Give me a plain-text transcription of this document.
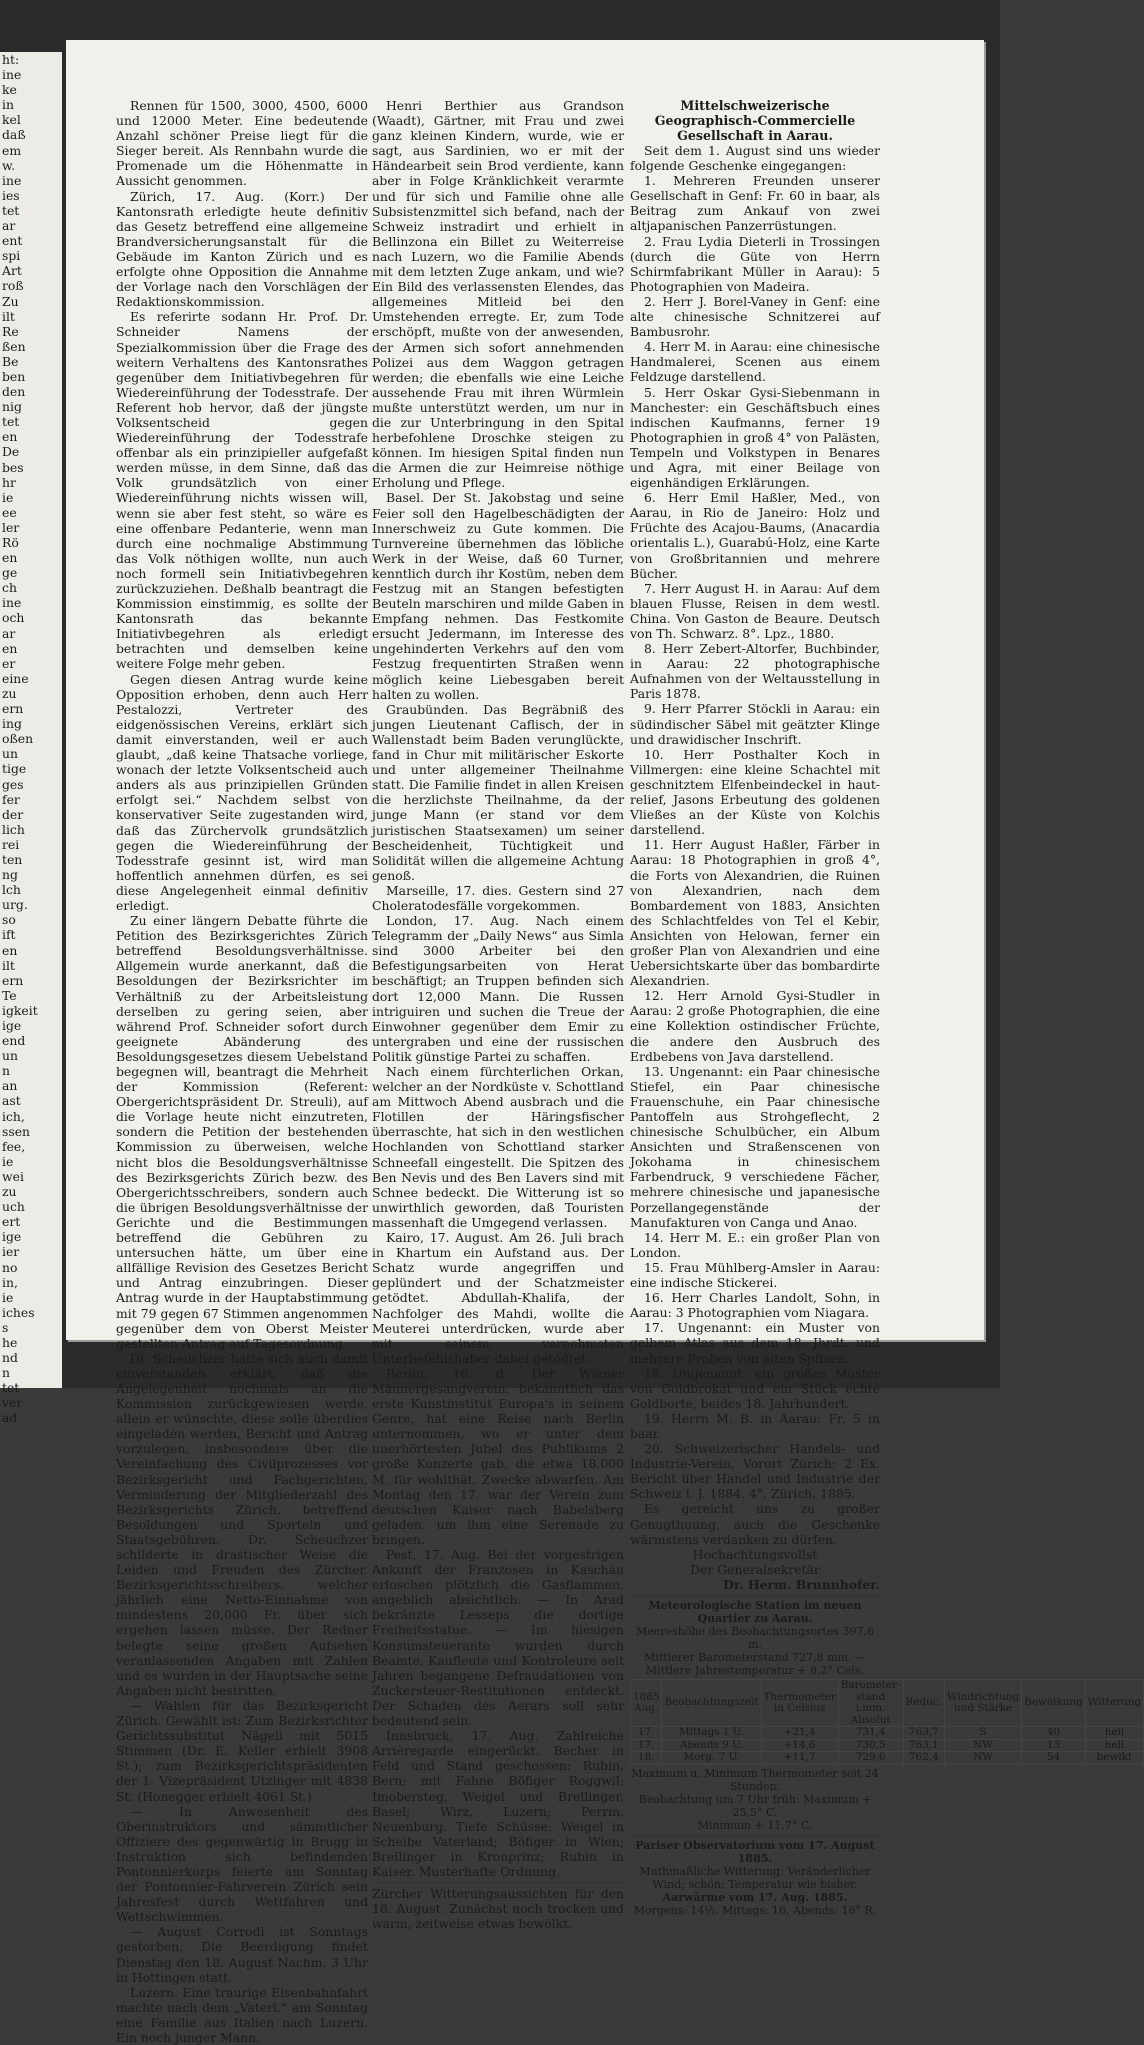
ht:
ine
ke
in
kel
daß
em
w.
ine
ies
tet
ar
ent
spi
Art
roß
Zu
ilt
Re
ßen
Be
ben
den
nig
tet
en
De
bes
hr
ie
ee
ler
Rö
en
ge
ch
ine
och
ar
en
er
eine
zu
ern
ing
oßen
un
tige
ges
fer
der
lich
rei
ten
ng
lch
urg.
so
ift
en
ilt
ern
Te
igkeit
ige
end
un
n
an
ast
ich,
ssen
fee,
ie
wei
zu
uch
ert
ige
ier
no
in,
ie
iches
s
he
nd
n
tet
ver
ad

Rennen für 1500, 3000, 4500, 6000 und 12000 Meter. Eine bedeutende Anzahl schöner Preise liegt für die Sieger bereit. Als Rennbahn wurde die Promenade um die Höhenmatte in Aussicht genommen.

Zürich, 17. Aug. (Korr.) Der Kantonsrath erledigte heute definitiv das Gesetz betreffend eine allgemeine Brandversicherungsanstalt für die Gebäude im Kanton Zürich und es erfolgte ohne Opposition die Annahme der Vorlage nach den Vorschlägen der Redaktionskommission.

Es referirte sodann Hr. Prof. Dr. Schneider Namens der Spezialkommission über die Frage des weitern Verhaltens des Kantonsrathes gegenüber dem Initiativbegehren für Wiedereinführung der Todesstrafe. Der Referent hob hervor, daß der jüngste Volksentscheid gegen Wiedereinführung der Todesstrafe offenbar als ein prinzipieller aufgefaßt werden müsse, in dem Sinne, daß das Volk grundsätzlich von einer Wiedereinführung nichts wissen will, wenn sie aber fest steht, so wäre es eine offenbare Pedanterie, wenn man durch eine nochmalige Abstimmung das Volk nöthigen wollte, nun auch noch formell sein Initiativbegehren zurückzuziehen. Deßhalb beantragt die Kommission einstimmig, es sollte der Kantonsrath das bekannte Initiativbegehren als erledigt betrachten und demselben keine weitere Folge mehr geben.

Gegen diesen Antrag wurde keine Opposition erhoben, denn auch Herr Pestalozzi, Vertreter des eidgenössischen Vereins, erklärt sich damit einverstanden, weil er auch glaubt, „daß keine Thatsache vorliege, wonach der letzte Volksentscheid auch anders als aus prinzipiellen Gründen erfolgt sei.“ Nachdem selbst von konservativer Seite zugestanden wird, daß das Zürchervolk grundsätzlich gegen die Wiedereinführung der Todesstrafe gesinnt ist, wird man hoffentlich annehmen dürfen, es sei diese Angelegenheit einmal definitiv erledigt.

Zu einer längern Debatte führte die Petition des Bezirksgerichtes Zürich betreffend Besoldungsverhältnisse. Allgemein wurde anerkannt, daß die Besoldungen der Bezirksrichter im Verhältniß zu der Arbeitsleistung derselben zu gering seien, aber während Prof. Schneider sofort durch geeignete Abänderung des Besoldungsgesetzes diesem Uebelstand begegnen will, beantragt die Mehrheit der Kommission (Referent: Obergerichtspräsident Dr. Streuli), auf die Vorlage heute nicht einzutreten, sondern die Petition der bestehenden Kommission zu überweisen, welche nicht blos die Besoldungsverhältnisse des Bezirksgerichts Zürich bezw. des Obergerichtsschreibers, sondern auch die übrigen Besoldungsverhältnisse der Gerichte und die Bestimmungen betreffend die Gebühren zu untersuchen hätte, um über eine allfällige Revision des Gesetzes Bericht und Antrag einzubringen. Dieser Antrag wurde in der Hauptabstimmung mit 79 gegen 67 Stimmen angenommen gegenüber dem von Oberst Meister gestellten Antrag auf Tagesordnung.

Dr. Scheuchzer hatte sich auch damit einverstanden erklärt, daß die Angelegenheit nochmals an die Kommission zurückgewiesen werde, allein er wünschte, diese solle überdies eingeladen werden, Bericht und Antrag vorzulegen, insbesondere über die Vereinfachung des Civilprozesses vor Bezirksgericht und Fachgerichten, Verminderung der Mitgliederzahl des Bezirksgerichts Zürich, betreffend Besoldungen und Sporteln und Staatsgebühren. Dr. Scheuchzer schilderte in drastischer Weise die Leiden und Freuden des Zürcher. Bezirksgerichtsschreibers, welcher jährlich eine Netto-Einnahme von mindestens 20,000 Fr. über sich ergehen lassen müsse. Der Redner belegte seine großen Aufsehen veranlassenden Angaben mit Zahlen und es wurden in der Hauptsache seine Angaben nicht bestritten.

— Wahlen für das Bezirksgericht Zürich. Gewählt ist: Zum Bezirksrichter Gerichtssubstitut Nägeli mit 5015 Stimmen (Dr. E. Keller erhielt 3908 St.); zum Bezirksgerichtspräsidenten der 1. Vizepräsident Utzinger mit 4838 St. (Honegger erhielt 4061 St.)

— In Anwesenheit des Oberinstruktors und sämmtlicher Offiziere des gegenwärtig in Brugg in Instruktion sich befindenden Pontonnierkorps feierte am Sonntag der Pontonnier-Fahrverein Zürich sein Jahresfest durch Wettfahren und Wettschwimmen.

— August Corrodi ist Sonntags gestorben. Die Beerdigung findet Dienstag den 18. August Nachm. 3 Uhr in Hottingen statt.

Luzern. Eine traurige Eisenbahnfahrt machte nach dem „Vaterl.“ am Sonntag eine Familie aus Italien nach Luzern. Ein noch junger Mann,

Henri Berthier aus Grandson (Waadt), Gärtner, mit Frau und zwei ganz kleinen Kindern, wurde, wie er sagt, aus Sardinien, wo er mit der Händearbeit sein Brod verdiente, kann aber in Folge Kränklichkeit verarmte und für sich und Familie ohne alle Subsistenzmittel sich befand, nach der Schweiz instradirt und erhielt in Bellinzona ein Billet zu Weiterreise nach Luzern, wo die Familie Abends mit dem letzten Zuge ankam, und wie? Ein Bild des verlassensten Elendes, das allgemeines Mitleid bei den Umstehenden erregte. Er, zum Tode erschöpft, mußte von der anwesenden, der Armen sich sofort annehmenden Polizei aus dem Waggon getragen werden; die ebenfalls wie eine Leiche aussehende Frau mit ihren Würmlein mußte unterstützt werden, um nur in die zur Unterbringung in den Spital herbefohlene Droschke steigen zu können. Im hiesigen Spital finden nun die Armen die zur Heimreise nöthige Erholung und Pflege.

Basel. Der St. Jakobstag und seine Feier soll den Hagelbeschädigten der Innerschweiz zu Gute kommen. Die Turnvereine übernehmen das löbliche Werk in der Weise, daß 60 Turner, kenntlich durch ihr Kostüm, neben dem Festzug mit an Stangen befestigten Beuteln marschiren und milde Gaben in Empfang nehmen. Das Festkomite ersucht Jedermann, im Interesse des ungehinderten Verkehrs auf den vom Festzug frequentirten Straßen wenn möglich keine Liebesgaben bereit halten zu wollen.

Graubünden. Das Begräbniß des jungen Lieutenant Caflisch, der in Wallenstadt beim Baden verunglückte, fand in Chur mit militärischer Eskorte und unter allgemeiner Theilnahme statt. Die Familie findet in allen Kreisen die herzlichste Theilnahme, da der junge Mann (er stand vor dem juristischen Staatsexamen) um seiner Bescheidenheit, Tüchtigkeit und Solidität willen die allgemeine Achtung genoß.

Marseille, 17. dies. Gestern sind 27 Choleratodesfälle vorgekommen.

London, 17. Aug. Nach einem Telegramm der „Daily News“ aus Simla sind 3000 Arbeiter bei den Befestigungsarbeiten von Herat beschäftigt; an Truppen befinden sich dort 12,000 Mann. Die Russen intriguiren und suchen die Treue der Einwohner gegenüber dem Emir zu untergraben und eine der russischen Politik günstige Partei zu schaffen.

Nach einem fürchterlichen Orkan, welcher an der Nordküste v. Schottland am Mittwoch Abend ausbrach und die Flotillen der Häringsfischer überraschte, hat sich in den westlichen Hochlanden von Schottland starker Schneefall eingestellt. Die Spitzen des Ben Nevis und des Ben Lavers sind mit Schnee bedeckt. Die Witterung ist so unwirthlich geworden, daß Touristen massenhaft die Umgegend verlassen.

Kairo, 17. August. Am 26. Juli brach in Khartum ein Aufstand aus. Der Schatz wurde angegriffen und geplündert und der Schatzmeister getödtet. Abdullah-Khalifa, der Nachfolger des Mahdi, wollte die Meuterei unterdrücken, wurde aber mit seinem vornehmsten Unterbefehlshaber dabei getödtet.

Berlin, 16. d. Der Wiener Männergesangverein, bekanntlich das erste Kunstinstitut Europa's in seinem Genre, hat eine Reise nach Berlin unternommen, wo er unter dem unerhörtesten Jubel des Publikums 2 große Konzerte gab, die etwa 18,000 M. für wohlthät. Zwecke abwarfen. Am Montag den 17. war der Verein zum deutschen Kaiser nach Babelsberg geladen, um ihm eine Serenade zu bringen.

Pest, 17. Aug. Bei der vorgestrigen Ankunft der Franzosen in Kaschau erloschen plötzlich die Gasflammen, angeblich absichtlich. — In Arad bekränzte Lesseps die dortige Freiheitsstatue. — Im hiesigen Konsumsteuerante wurden durch Beamte, Kaufleute und Kontroleure seit Jahren begangene Defraudationen von Zuckersteuer-Restitutionen entdeckt. Der Schaden des Aerars soll sehr bedeutend sein.

Innsbruck, 17. Aug. Zahlreiche Arrièregarde eingerückt. Becher in Feld und Stand geschossen: Rubin, Bern; mit Fahne Böfiger Roggwil; Imobersteg, Weigel und Brellinger, Basel; Wirz, Luzern; Perrin, Neuenburg. Tiefe Schüsse: Weigel in Scheibe Vaterland; Böfiger in Wien; Brellinger in Kronprinz; Rubin in Kaiser. Musterhafte Ordnung.

Zürcher Witterungsaussichten für den 18. August. Zunächst noch trocken und warm, zeitweise etwas bewölkt.

Mittelschweizerische Geographisch-Commercielle Gesellschaft in Aarau.

Seit dem 1. August sind uns wieder folgende Geschenke eingegangen:

1. Mehreren Freunden unserer Gesellschaft in Genf: Fr. 60 in baar, als Beitrag zum Ankauf von zwei altjapanischen Panzerrüstungen.

2. Frau Lydia Dieterli in Trossingen (durch die Güte von Herrn Schirmfabrikant Müller in Aarau): 5 Photographien von Madeira.

2. Herr J. Borel-Vaney in Genf: eine alte chinesische Schnitzerei auf Bambusrohr.

4. Herr M. in Aarau: eine chinesische Handmalerei, Scenen aus einem Feldzuge darstellend.

5. Herr Oskar Gysi-Siebenmann in Manchester: ein Geschäftsbuch eines indischen Kaufmanns, ferner 19 Photographien in groß 4° von Palästen, Tempeln und Volkstypen in Benares und Agra, mit einer Beilage von eigenhändigen Erklärungen.

6. Herr Emil Haßler, Med., von Aarau, in Rio de Janeiro: Holz und Früchte des Acajou-Baums, (Anacardia orientalis L.), Guarabú-Holz, eine Karte von Großbritannien und mehrere Bücher.

7. Herr August H. in Aarau: Auf dem blauen Flusse, Reisen in dem westl. China. Von Gaston de Beaure. Deutsch von Th. Schwarz. 8°. Lpz., 1880.

8. Herr Zebert-Altorfer, Buchbinder, in Aarau: 22 photographische Aufnahmen von der Weltausstellung in Paris 1878.

9. Herr Pfarrer Stöckli in Aarau: ein südindischer Säbel mit geätzter Klinge und drawidischer Inschrift.

10. Herr Posthalter Koch in Villmergen: eine kleine Schachtel mit geschnitztem Elfenbeindeckel in haut-relief, Jasons Erbeutung des goldenen Vließes an der Küste von Kolchis darstellend.

11. Herr August Haßler, Färber in Aarau: 18 Photographien in groß 4°, die Forts von Alexandrien, die Ruinen von Alexandrien, nach dem Bombardement von 1883, Ansichten des Schlachtfeldes von Tel el Kebir, Ansichten von Helowan, ferner ein großer Plan von Alexandrien und eine Uebersichtskarte über das bombardirte Alexandrien.

12. Herr Arnold Gysi-Studler in Aarau: 2 große Photographien, die eine eine Kollektion ostindischer Früchte, die andere den Ausbruch des Erdbebens von Java darstellend.

13. Ungenannt: ein Paar chinesische Stiefel, ein Paar chinesische Frauenschuhe, ein Paar chinesische Pantoffeln aus Strohgeflecht, 2 chinesische Schulbücher, ein Album Ansichten und Straßenscenen von Jokohama in chinesischem Farbendruck, 9 verschiedene Fächer, mehrere chinesische und japanesische Porzellangegenstände der Manufakturen von Canga und Anao.

14. Herr M. E.: ein großer Plan von London.

15. Frau Mühlberg-Amsler in Aarau: eine indische Stickerei.

16. Herr Charles Landolt, Sohn, in Aarau: 3 Photographien vom Niagara.

17. Ungenannt: ein Muster von gelbem Atlas aus dem 18. Jhrdt. und mehrere Proben von alten Spitzen.

18. Ungenannt: ein großes Muster von Goldbrokat und ein Stück echte Goldborte, beides 18. Jahrhundert.

19. Herrn M. B. in Aarau: Fr. 5 in baar.

20. Schweizerischer Handels- und Industrie-Verein, Vorort Zürich: 2 Ex. Bericht über Handel und Industrie der Schweiz i. J. 1884. 4°. Zürich, 1885.

Es gereicht uns zu großer Genugthuung, auch die Geschenke wärmstens verdanken zu dürfen.

Hochachtungsvollst

Der Generalsekretär

Dr. Herm. Brunnhofer.

Meteorologische Station im neuen Quartier zu Aarau.
Meereshöhe des Beobachtungsortes 397,6 m.
Mittlerer Barometerstand 727,8 mm. — Mittlere Jahrestemperatur + 8,2° Cels.
1885 Aug.	Beobachtungszeit	Thermometer in Celsius	Barometer-stand i.mm. Absolut	Reduc.	Windrichtung und Stärke	Bewölkung	Witterung
17.	Mittags 1 U.	+21,4	731,4	763,7	S	40	hell
17.	Abends 9 U.	+14,6	730,5	763,1	NW	13	hell
18.	Morg. 7 U.	+11,7	729,6	762,4	NW	54	bewlkt
Maximum u. Minimum Thermometer seit 24 Stunden.
Beobachtung um 7 Uhr früh: Maximum + 25,5° C.
Minimum + 11,7° C.
Pariser Observatorium vom 17. August 1885.
Muthmaßliche Witterung: Veränderlicher Wind; schön; Temperatur wie bisher.
Aarwärme vom 17. Aug. 1885.
Morgens: 14½, Mittags: 16, Abends: 16° R.
